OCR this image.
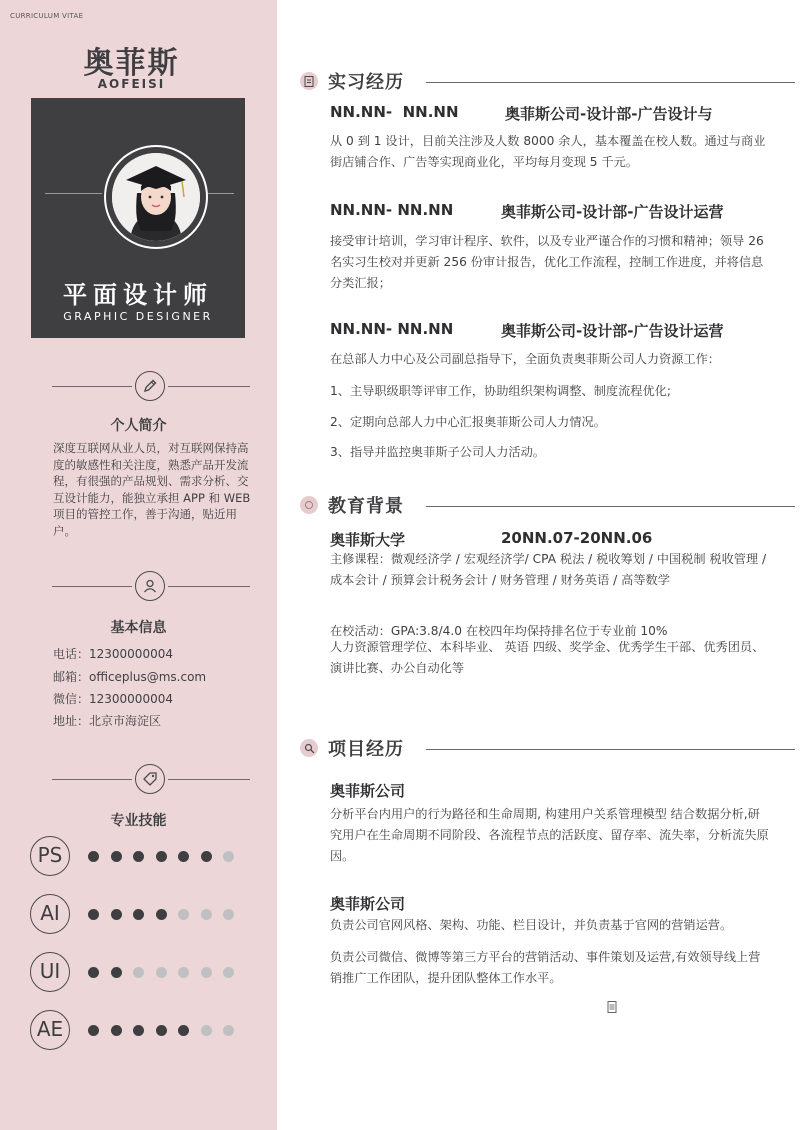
CURRICULUM VITAE
奥菲斯
AOFEISI
平面设计师
GRAPHIC DESIGNER
个人简介
深度互联网从业人员，对互联网保持高度的敏感性和关注度，熟悉产品开发流程，有很强的产品规划、需求分析、交互设计能力，能独立承担 APP 和 WEB 项目的管控工作，善于沟通，贴近用户。
基本信息
电话：12300000004
邮箱：officeplus@ms.com
微信：12300000004
地址：北京市海淀区
专业技能
PS
AI
UI
AE
实习经历
NN.NN-  NN.NN	奥菲斯公司-设计部-广告设计与
从 0 到 1 设计，目前关注涉及人数 8000 余人，基本覆盖在校人数。通过与商业街店铺合作、广告等实现商业化，平均每月变现 5 千元。
NN.NN- NN.NN	奥菲斯公司-设计部-广告设计运营
接受审计培训，学习审计程序、软件，以及专业严谨合作的习惯和精神；领导 26 名实习生校对并更新 256 份审计报告，优化工作流程，控制工作进度，并将信息分类汇报；
NN.NN- NN.NN	奥菲斯公司-设计部-广告设计运营
在总部人力中心及公司副总指导下，全面负责奥菲斯公司人力资源工作：
1、主导职级职等评审工作，协助组织架构调整、制度流程优化;
2、定期向总部人力中心汇报奥菲斯公司人力情况。
3、指导并监控奥菲斯子公司人力活动。
教育背景
奥菲斯大学	20NN.07-20NN.06
主修课程：微观经济学 / 宏观经济学/ CPA 税法 / 税收筹划 / 中国税制 税收管理 / 成本会计 / 预算会计税务会计 / 财务管理 / 财务英语 / 高等数学
在校活动：GPA:3.8/4.0 在校四年均保持排名位于专业前 10%
人力资源管理学位、本科毕业、 英语 四级、奖学金、优秀学生干部、优秀团员、演讲比赛、办公自动化等
项目经历
奥菲斯公司
分析平台内用户的行为路径和生命周期, 构建用户关系管理模型 结合数据分析,研究用户在生命周期不同阶段、各流程节点的活跃度、留存率、流失率，分析流失原因。
奥菲斯公司
负责公司官网风格、架构、功能、栏目设计，并负责基于官网的营销运营。
负责公司微信、微博等第三方平台的营销活动、事件策划及运营,有效领导线上营销推广工作团队，提升团队整体工作水平。
